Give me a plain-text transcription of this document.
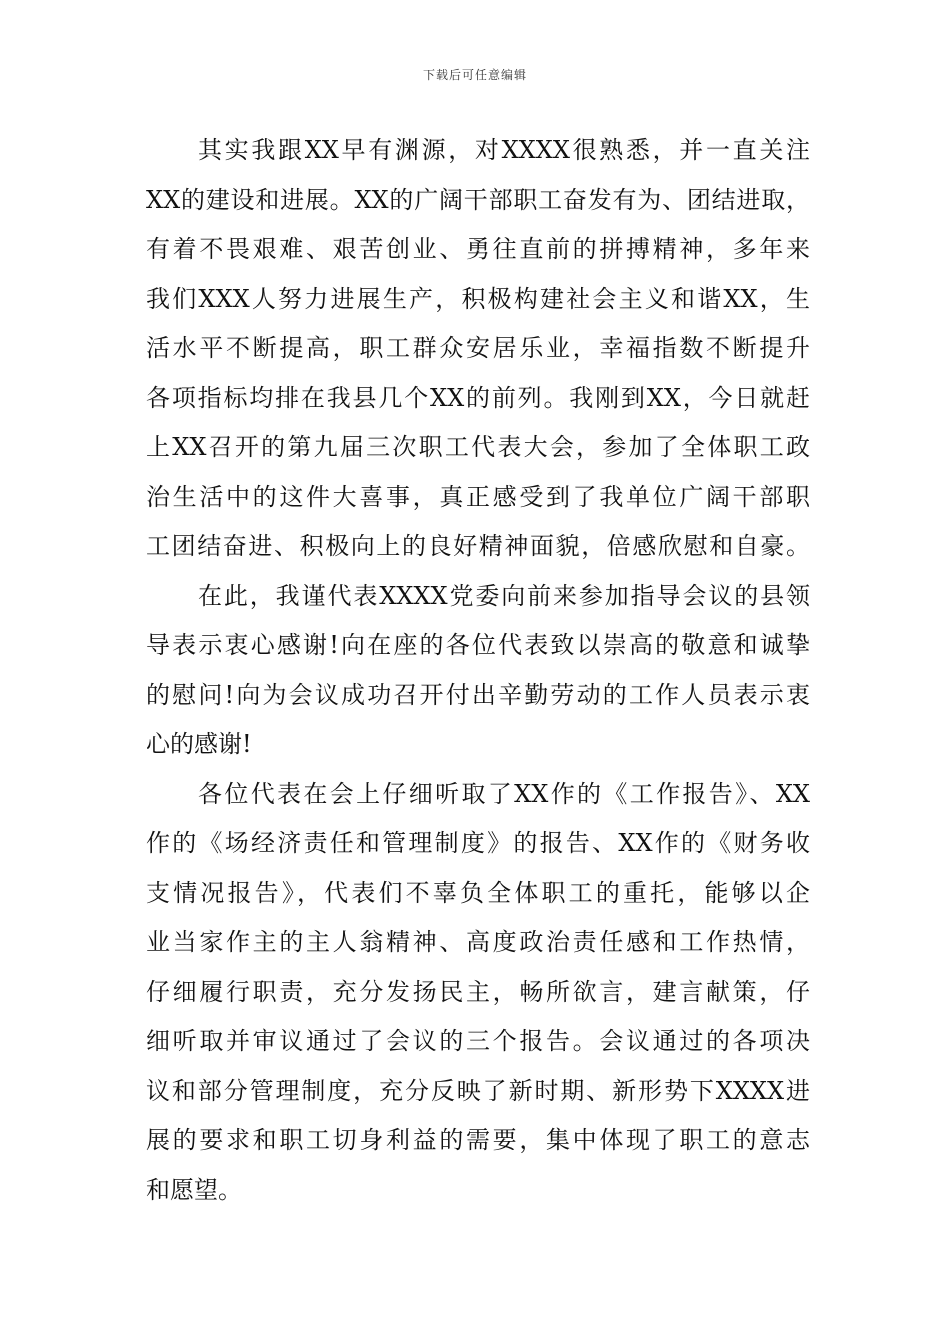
下载后可任意编辑
其实我跟XX早有渊源，对XXXX很熟悉，并一直关注
XX的建设和进展。XX的广阔干部职工奋发有为、团结进取，
有着不畏艰难、艰苦创业、勇往直前的拼搏精神，多年来
我们XXX人努力进展生产，积极构建社会主义和谐XX，生
活水平不断提高，职工群众安居乐业，幸福指数不断提升
各项指标均排在我县几个XX的前列。我刚到XX，今日就赶
上XX召开的第九届三次职工代表大会，参加了全体职工政
治生活中的这件大喜事，真正感受到了我单位广阔干部职
工团结奋进、积极向上的良好精神面貌，倍感欣慰和自豪。
在此，我谨代表XXXX党委向前来参加指导会议的县领
导表示衷心感谢!向在座的各位代表致以崇高的敬意和诚挚
的慰问!向为会议成功召开付出辛勤劳动的工作人员表示衷
心的感谢!
各位代表在会上仔细听取了XX作的《工作报告》、XX
作的《场经济责任和管理制度》的报告、XX作的《财务收
支情况报告》，代表们不辜负全体职工的重托，能够以企
业当家作主的主人翁精神、高度政治责任感和工作热情，
仔细履行职责，充分发扬民主，畅所欲言，建言献策，仔
细听取并审议通过了会议的三个报告。会议通过的各项决
议和部分管理制度，充分反映了新时期、新形势下XXXX进
展的要求和职工切身利益的需要，集中体现了职工的意志
和愿望。
